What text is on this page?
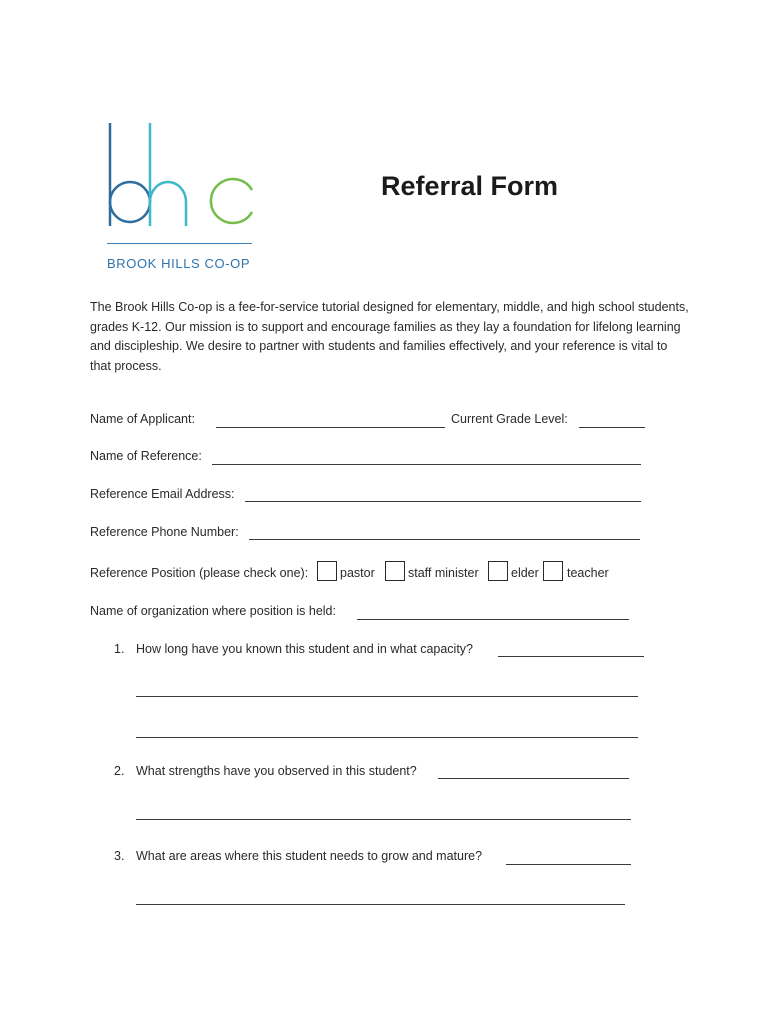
BROOK HILLS CO-OP
Referral Form
The Brook Hills Co-op is a fee-for-service tutorial designed for elementary, middle, and high school students, grades K-12. Our mission is to support and encourage families as they lay a foundation for lifelong learning and discipleship. We desire to partner with students and families effectively, and your reference is vital to that process.
Name of Applicant:	Current Grade Level:
Name of Reference:
Reference Email Address:
Reference Phone Number:
Reference Position (please check one):	pastor	staff minister	elder teacher
Name of organization where position is held:
1. How long have you known this student and in what capacity?
2. What strengths have you observed in this student?
3. What are areas where this student needs to grow and mature?
